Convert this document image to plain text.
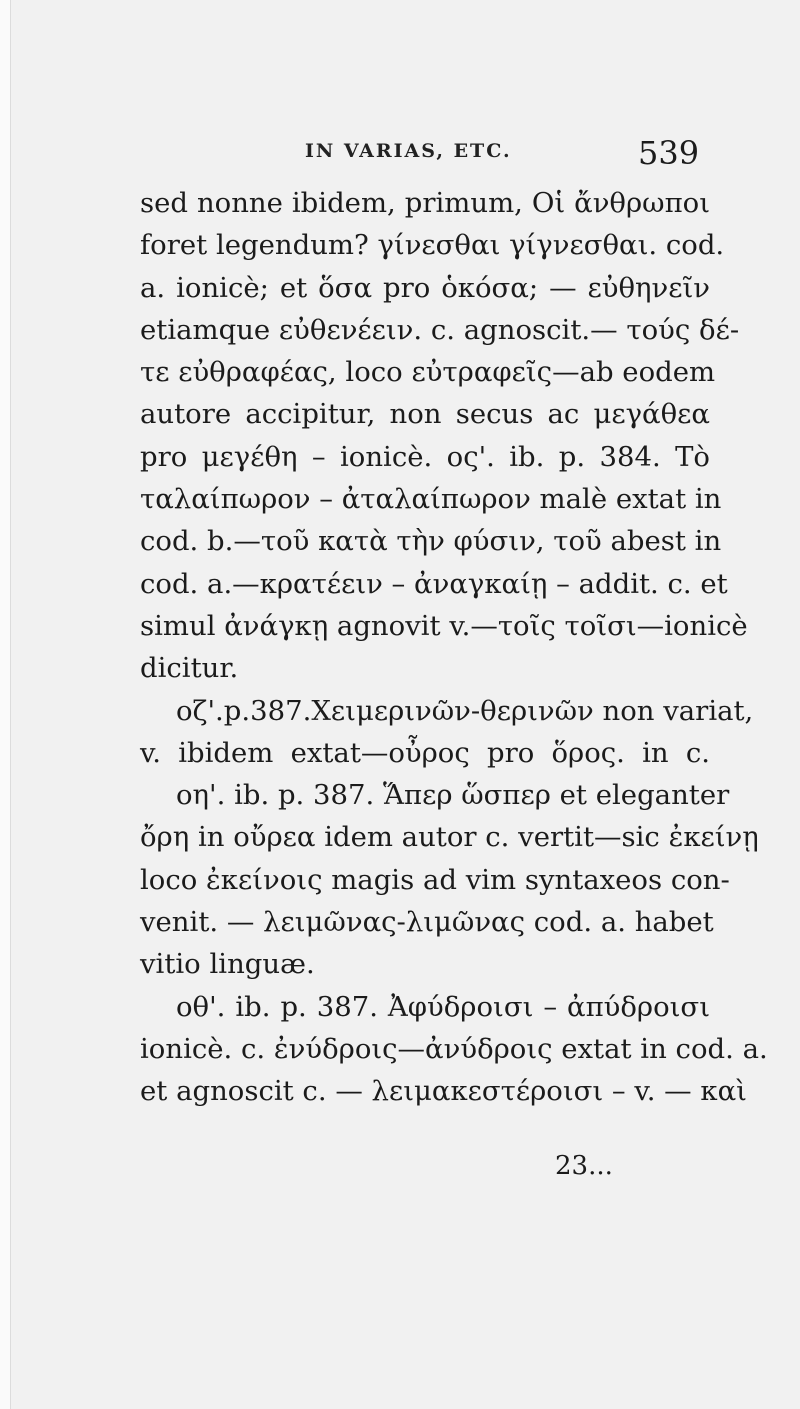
IN VARIAS, ETC.	539
sed nonne ibidem, primum, Οἱ ἄνθρωποι
foret legendum? γίνεσθαι γίγνεσθαι. cod.
a. ionicè; et ὅσα pro ὁκόσα; — εὐθηνεῖν
etiamque εὐθενέειν. c. agnoscit.— τούς δέ-
τε εὐθραφέας, loco εὐτραφεῖς—ab eodem
autore accipitur, non secus ac μεγάθεα
pro μεγέθη – ionicè. ος'. ib. p. 384. Τὸ
ταλαίπωρον – ἀταλαίπωρον malè extat in
cod. b.—τοῦ κατὰ τὴν φύσιν, τοῦ abest in
cod. a.—κρατέειν – ἀναγκαίῃ – addit. c. et
simul ἀνάγκῃ agnovit v.—τοῖς τοῖσι—ionicè
dicitur.
οζ'.p.387.Χειμερινῶν-θερινῶν non variat,
v. ibidem extat—οὖρος pro ὅρος. in c.
οη'. ib. p. 387. Ἅπερ ὥσπερ et eleganter
ὄρη in οὔρεα idem autor c. vertit—sic ἐκείνῃ
loco ἐκείνοις magis ad vim syntaxeos con-
venit. — λειμῶνας-λιμῶνας cod. a. habet
vitio linguæ.
οθ'. ib. p. 387. Ἀφύδροισι – ἀπύδροισι
ionicè. c. ἐνύδροις—ἀνύδροις extat in cod. a.
et agnoscit c. — λειμακεστέροισι – v. — καὶ
23...
